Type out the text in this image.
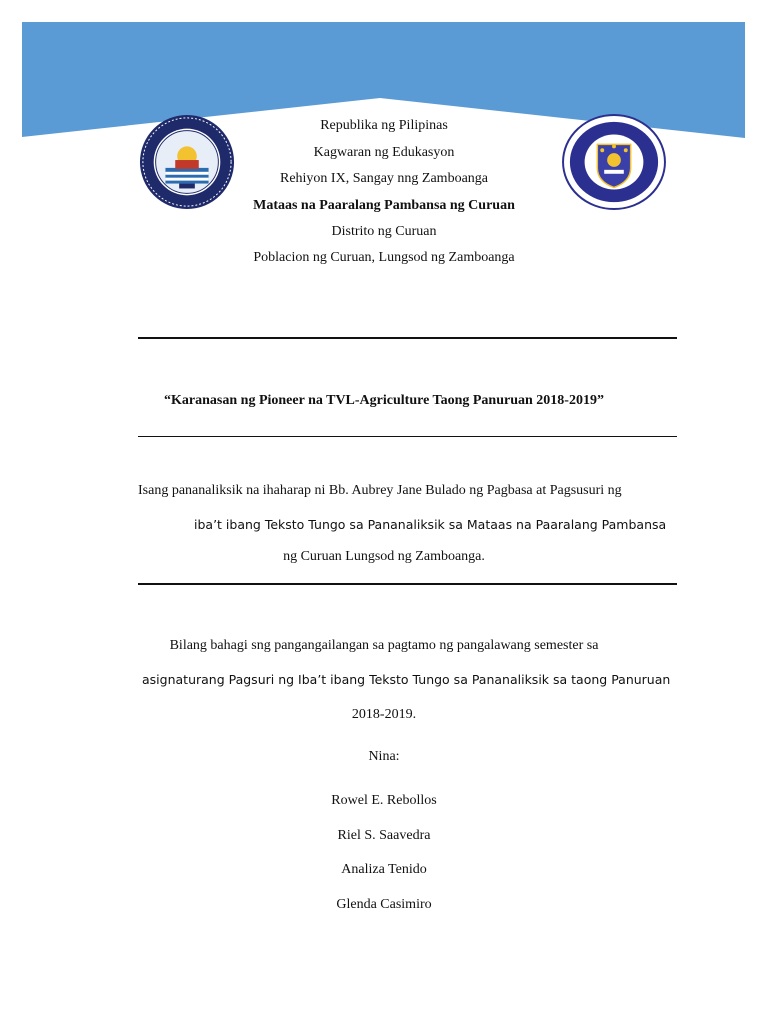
Republika ng Pilipinas
Kagwaran ng Edukasyon
Rehiyon IX, Sangay nng Zamboanga
Mataas na Paaralang Pambansa ng Curuan
Distrito ng Curuan
Poblacion ng Curuan, Lungsod ng Zamboanga
“Karanasan ng Pioneer na TVL-Agriculture Taong Panuruan 2018-2019”
Isang pananaliksik na ihaharap ni Bb. Aubrey Jane Bulado ng Pagbasa at Pagsusuri ng
iba’t ibang Teksto Tungo sa Pananaliksik sa Mataas na Paaralang Pambansa
ng Curuan Lungsod ng Zamboanga.
Bilang bahagi sng pangangailangan sa pagtamo ng pangalawang semester sa
asignaturang Pagsuri ng Iba’t ibang Teksto Tungo sa Pananaliksik sa taong Panuruan
2018-2019.
Nina:
Rowel E. Rebollos
Riel S. Saavedra
Analiza Tenido
Glenda Casimiro
